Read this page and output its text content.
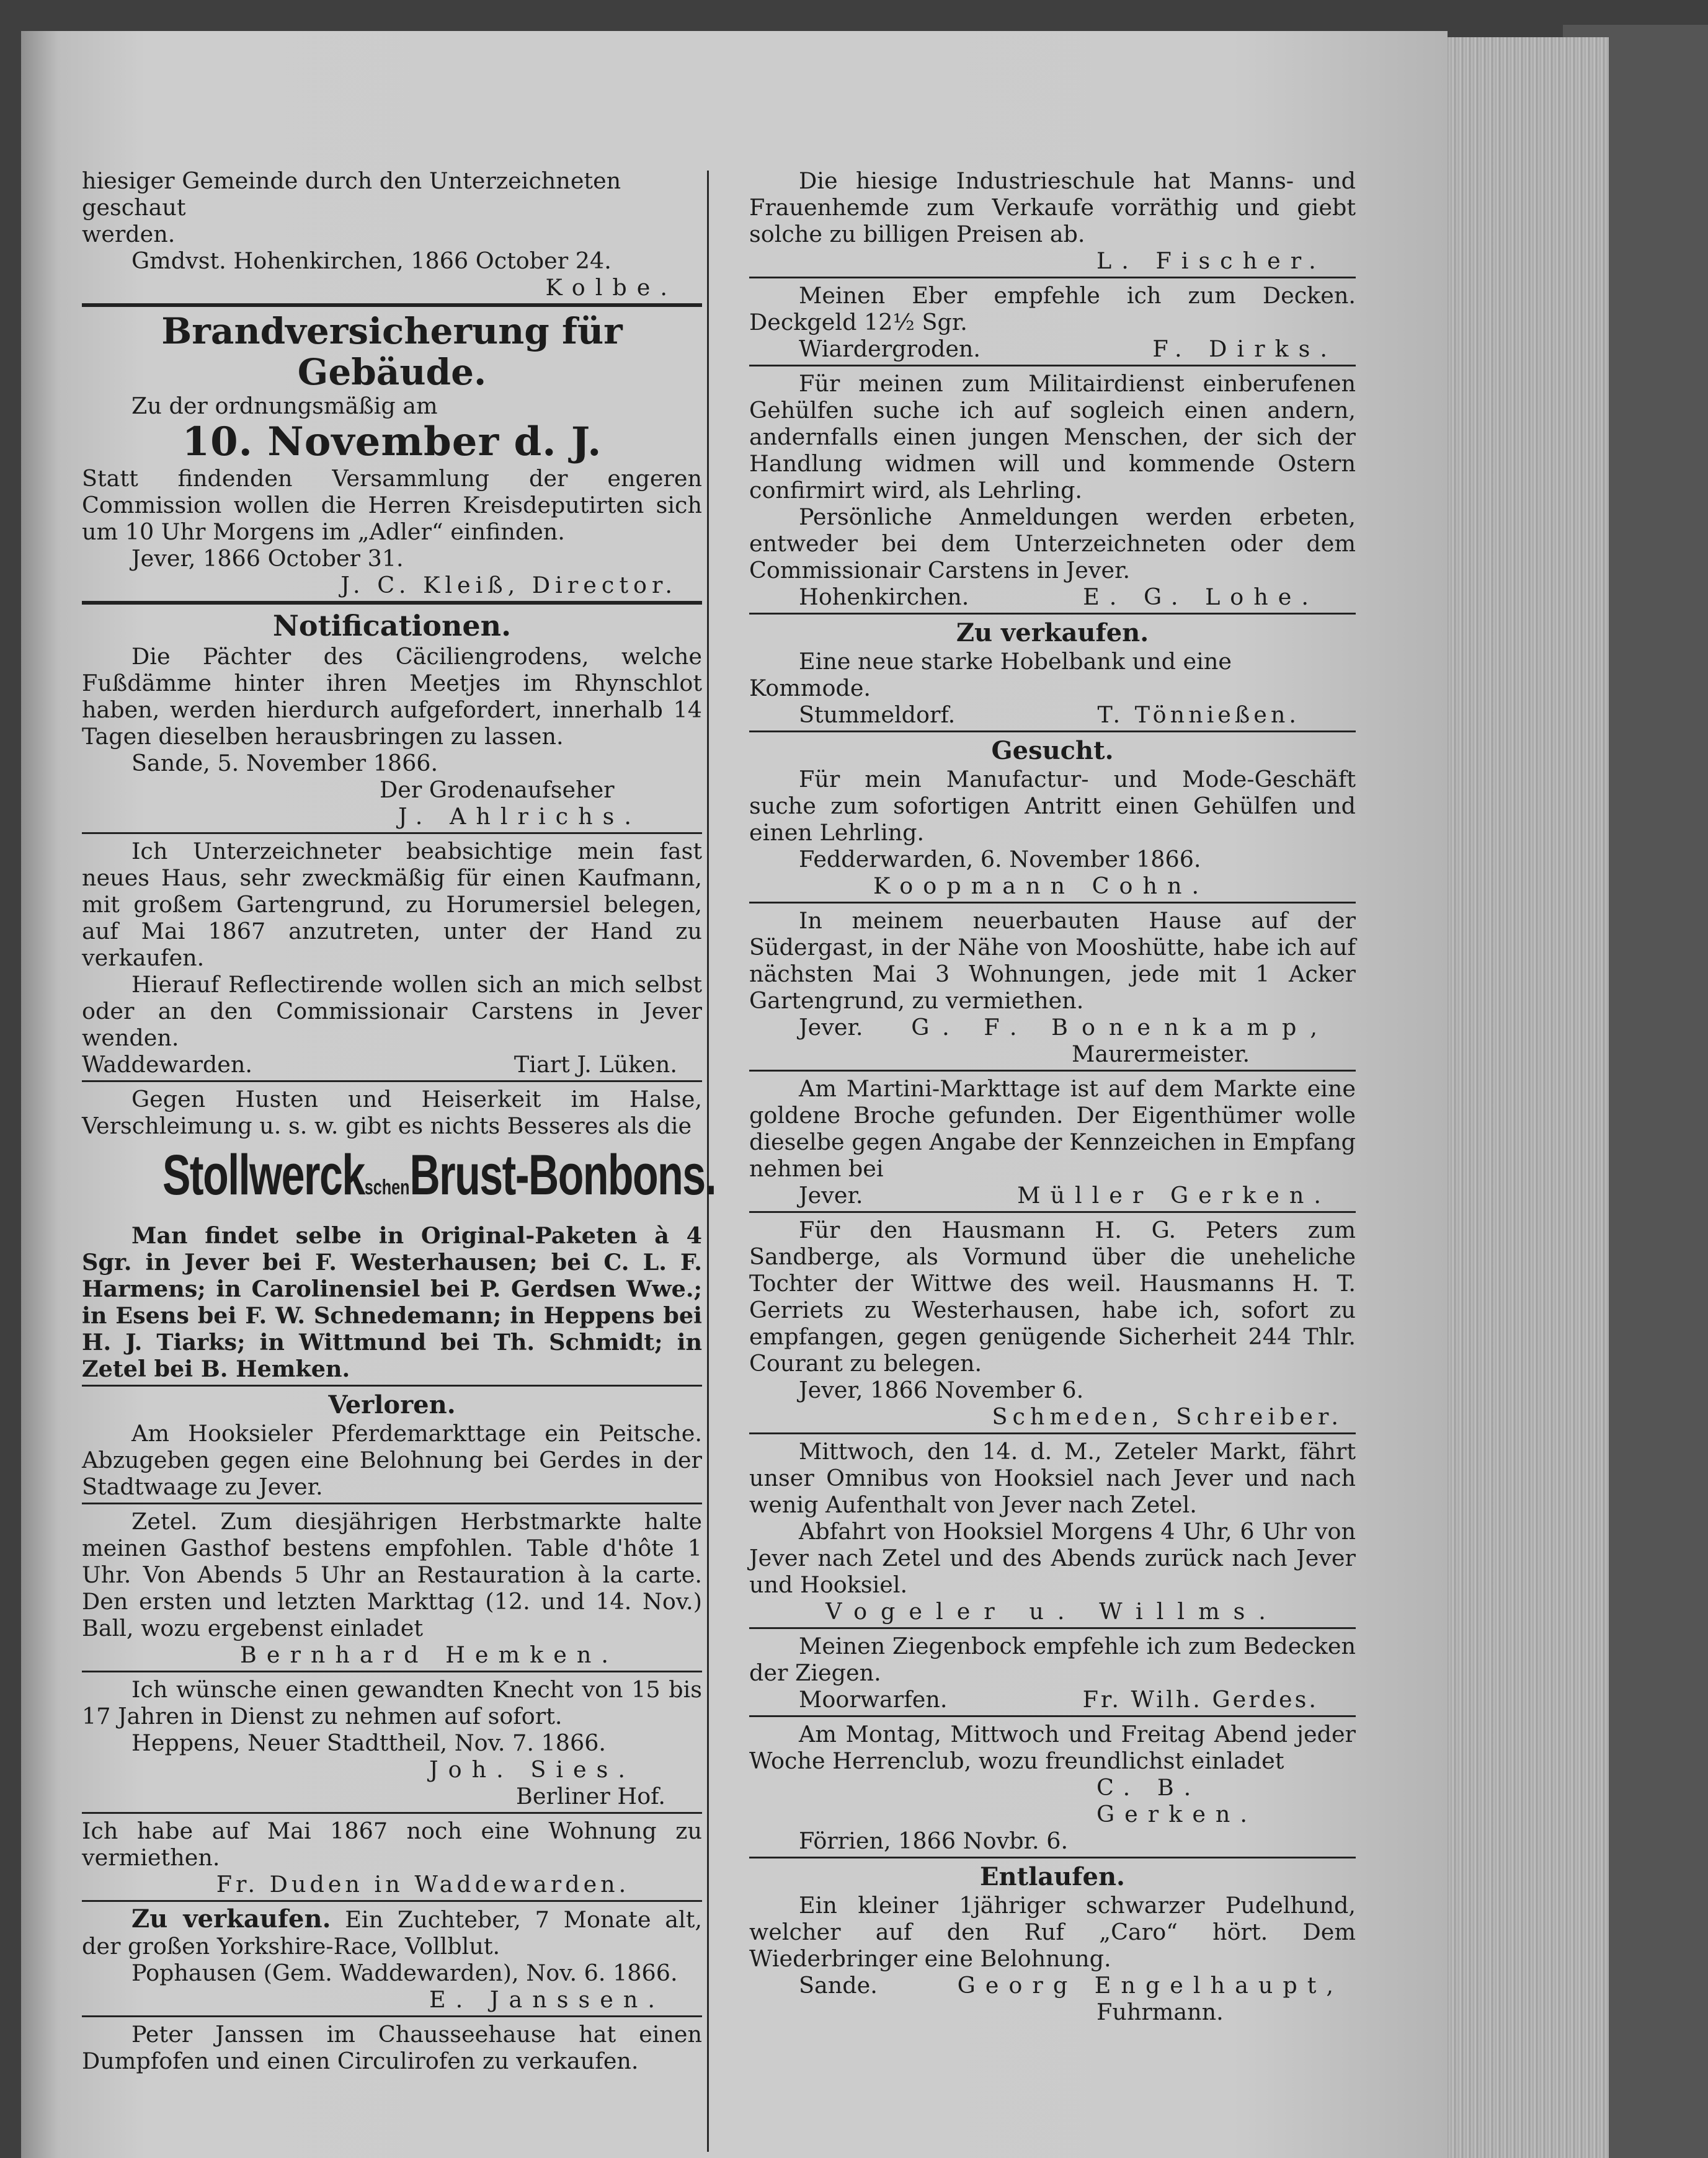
hiesiger Gemeinde durch den Unterzeichneten geschaut
werden.
Gmdvst. Hohenkirchen, 1866 October 24.
Kolbe.
Brandversicherung für Gebäude.
Zu der ordnungsmäßig am
10. November d. J.
Statt findenden Versammlung der engeren Commission wollen die Herren Kreisdeputirten sich um 10 Uhr Morgens im „Adler“ einfinden.
Jever, 1866 October 31.
J. C. Kleiß, Director.
Notificationen.
Die Pächter des Cäciliengrodens, welche Fußdämme hinter ihren Meetjes im Rhynschlot haben, werden hierdurch aufgefordert, innerhalb 14 Tagen dieselben herausbringen zu lassen.
Sande, 5. November 1866.
Der Grodenaufseher
J. Ahlrichs.
Ich Unterzeichneter beabsichtige mein fast neues Haus, sehr zweckmäßig für einen Kaufmann, mit großem Gartengrund, zu Horumersiel belegen, auf Mai 1867 anzutreten, unter der Hand zu verkaufen.
Hierauf Reflectirende wollen sich an mich selbst oder an den Commissionair Carstens in Jever wenden.
Waddewarden.	Tiart J. Lüken.
Gegen Husten und Heiserkeit im Halse, Verschleimung u. s. w. gibt es nichts Besseres als die
StollwerckschenBrust-Bonbons.
Man findet selbe in Original-Paketen à 4 Sgr. in Jever bei F. Westerhausen; bei C. L. F. Harmens; in Carolinensiel bei P. Gerdsen Wwe.; in Esens bei F. W. Schnedemann; in Heppens bei H. J. Tiarks; in Wittmund bei Th. Schmidt; in Zetel bei B. Hemken.
Verloren.
Am Hooksieler Pferdemarkttage ein Peitsche. Abzugeben gegen eine Belohnung bei Gerdes in der Stadtwaage zu Jever.
Zetel. Zum diesjährigen Herbstmarkte halte meinen Gasthof bestens empfohlen. Table d'hôte 1 Uhr. Von Abends 5 Uhr an Restauration à la carte. Den ersten und letzten Markttag (12. und 14. Nov.) Ball, wozu ergebenst einladet
Bernhard Hemken.
Ich wünsche einen gewandten Knecht von 15 bis 17 Jahren in Dienst zu nehmen auf sofort.
Heppens, Neuer Stadttheil, Nov. 7. 1866.
Joh. Sies.
Berliner Hof.
Ich habe auf Mai 1867 noch eine Wohnung zu vermiethen.
Fr. Duden in Waddewarden.
Zu verkaufen. Ein Zuchteber, 7 Monate alt, der großen Yorkshire-Race, Vollblut.
Pophausen (Gem. Waddewarden), Nov. 6. 1866.
E. Janssen.
Peter Janssen im Chausseehause hat einen Dumpfofen und einen Circulirofen zu verkaufen.
Die hiesige Industrieschule hat Manns- und Frauenhemde zum Verkaufe vorräthig und giebt solche zu billigen Preisen ab.
L. Fischer.
Meinen Eber empfehle ich zum Decken. Deckgeld 12½ Sgr.
Wiardergroden.	F. Dirks.
Für meinen zum Militairdienst einberufenen Gehülfen suche ich auf sogleich einen andern, andernfalls einen jungen Menschen, der sich der Handlung widmen will und kommende Ostern confirmirt wird, als Lehrling.
Persönliche Anmeldungen werden erbeten, entweder bei dem Unterzeichneten oder dem Commissionair Carstens in Jever.
Hohenkirchen.	E. G. Lohe.
Zu verkaufen.
Eine neue starke Hobelbank und eine Kommode.
Stummeldorf.	T. Tönnießen.
Gesucht.
Für mein Manufactur- und Mode-Geschäft suche zum sofortigen Antritt einen Gehülfen und einen Lehrling.
Fedderwarden, 6. November 1866.
Koopmann Cohn.
In meinem neuerbauten Hause auf der Südergast, in der Nähe von Mooshütte, habe ich auf nächsten Mai 3 Wohnungen, jede mit 1 Acker Gartengrund, zu vermiethen.
Jever. G. F. Bonenkamp,
Maurermeister.
Am Martini-Markttage ist auf dem Markte eine goldene Broche gefunden. Der Eigenthümer wolle dieselbe gegen Angabe der Kennzeichen in Empfang nehmen bei
Jever.	Müller Gerken.
Für den Hausmann H. G. Peters zum Sandberge, als Vormund über die uneheliche Tochter der Wittwe des weil. Hausmanns H. T. Gerriets zu Westerhausen, habe ich, sofort zu empfangen, gegen genügende Sicherheit 244 Thlr. Courant zu belegen.
Jever, 1866 November 6.
Schmeden, Schreiber.
Mittwoch, den 14. d. M., Zeteler Markt, fährt unser Omnibus von Hooksiel nach Jever und nach wenig Aufenthalt von Jever nach Zetel.
Abfahrt von Hooksiel Morgens 4 Uhr, 6 Uhr von Jever nach Zetel und des Abends zurück nach Jever und Hooksiel.
Vogeler u. Willms.
Meinen Ziegenbock empfehle ich zum Bedecken der Ziegen.
Moorwarfen.	Fr. Wilh. Gerdes.
Am Montag, Mittwoch und Freitag Abend jeder Woche Herrenclub, wozu freundlichst einladet
C. B. Gerken.
Förrien, 1866 Novbr. 6.
Entlaufen.
Ein kleiner 1jähriger schwarzer Pudelhund, welcher auf den Ruf „Caro“ hört. Dem Wiederbringer eine Belohnung.
Sande.	Georg Engelhaupt,
Fuhrmann.
